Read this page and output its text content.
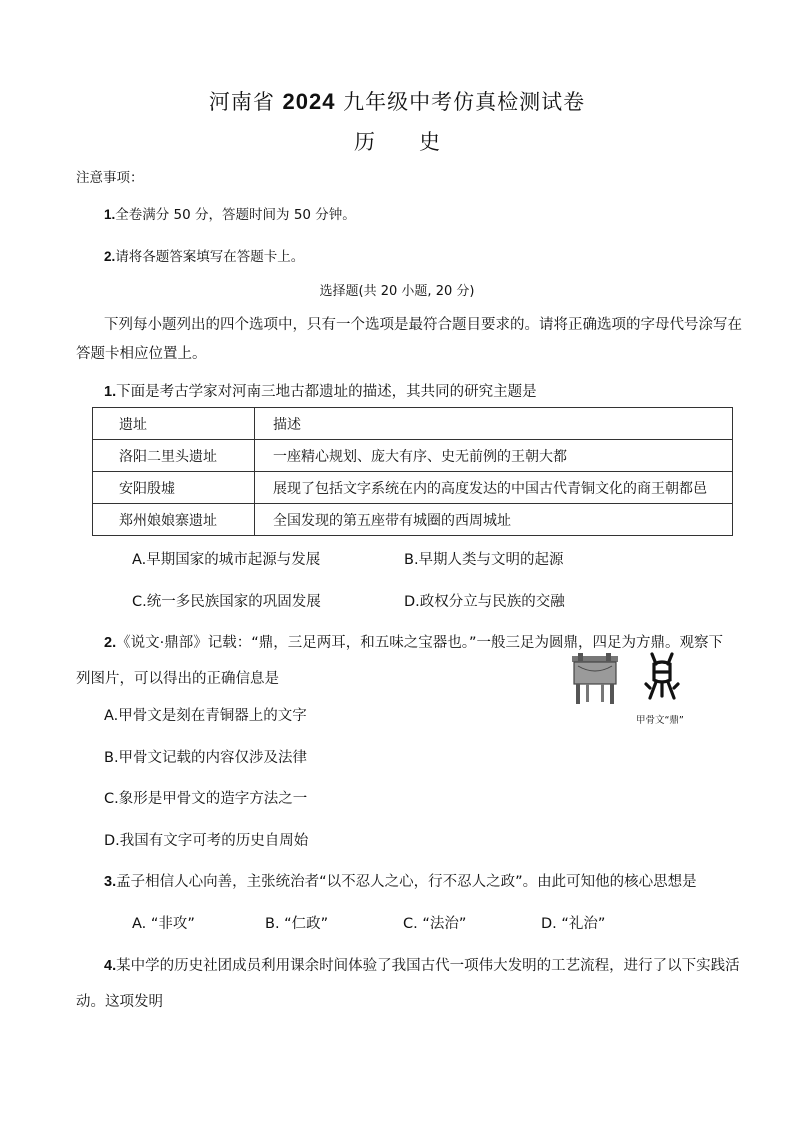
河南省 2024 九年级中考仿真检测试卷
历 史
注意事项：
1.全卷满分 50 分，答题时间为 50 分钟。
2.请将各题答案填写在答题卡上。
选择题(共 20 小题, 20 分)
下列每小题列出的四个选项中，只有一个选项是最符合题目要求的。请将正确选项的字母代号涂写在
答题卡相应位置上。
1.下面是考古学家对河南三地古都遗址的描述，其共同的研究主题是
遗址	描述
洛阳二里头遗址	一座精心规划、庞大有序、史无前例的王朝大都
安阳殷墟	展现了包括文字系统在内的高度发达的中国古代青铜文化的商王朝都邑
郑州娘娘寨遗址	全国发现的第五座带有城圈的西周城址
A.早期国家的城市起源与发展	B.早期人类与文明的起源
C.统一多民族国家的巩固发展	D.政权分立与民族的交融
2.《说文·鼎部》记载：“鼎，三足两耳，和五味之宝器也。”一般三足为圆鼎，四足为方鼎。观察下
列图片，可以得出的正确信息是
甲骨文“鼎”
A.甲骨文是刻在青铜器上的文字
B.甲骨文记载的内容仅涉及法律
C.象形是甲骨文的造字方法之一
D.我国有文字可考的历史自周始
3.孟子相信人心向善，主张统治者“以不忍人之心，行不忍人之政”。由此可知他的核心思想是
A. “非攻”	B. “仁政”	C. “法治”	D. “礼治”
4.某中学的历史社团成员利用课余时间体验了我国古代一项伟大发明的工艺流程，进行了以下实践活
动。这项发明
